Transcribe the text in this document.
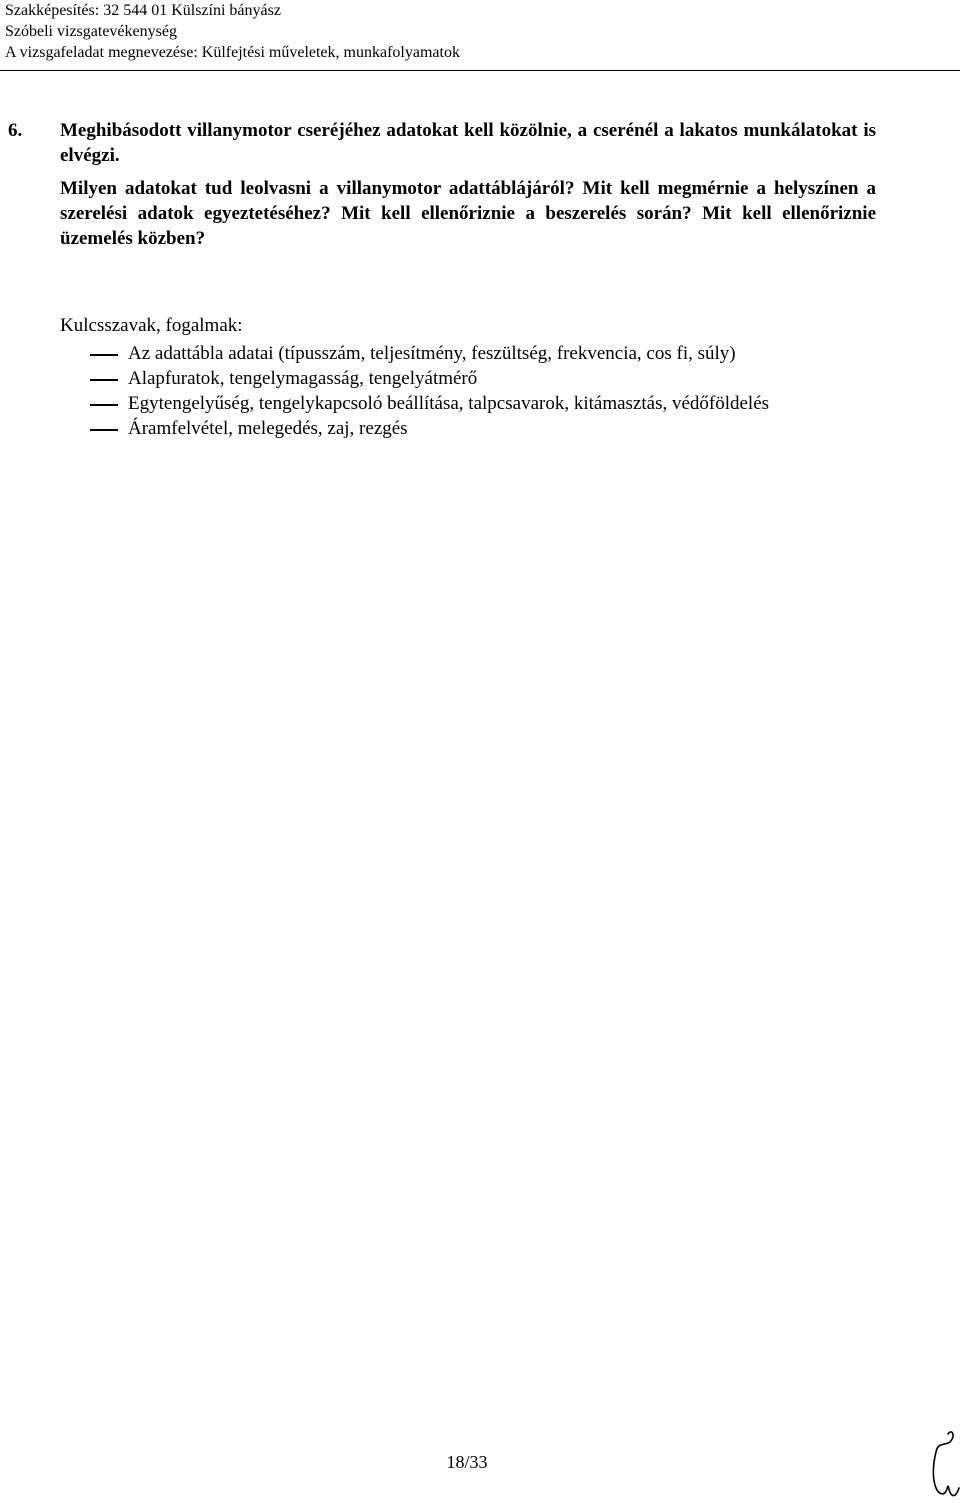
Szakképesítés: 32 544 01 Külszíni bányász
Szóbeli vizsgatevékenység
A vizsgafeladat megnevezése: Külfejtési műveletek, munkafolyamatok
6.	Meghibásodott villanymotor cseréjéhez adatokat kell közölnie, a cserénél a lakatos munkálatokat is elvégzi.

Milyen adatokat tud leolvasni a villanymotor adattáblájáról? Mit kell megmérnie a helyszínen a szerelési adatok egyeztetéséhez? Mit kell ellenőriznie a beszerelés során? Mit kell ellenőriznie üzemelés közben?

Kulcsszavak, fogalmak:
Az adattábla adatai (típusszám, teljesítmény, feszültség, frekvencia, cos fi, súly)
Alapfuratok, tengelymagasság, tengelyátmérő
Egytengelyűség, tengelykapcsoló beállítása, talpcsavarok, kitámasztás, védőföldelés
Áramfelvétel, melegedés, zaj, rezgés
18/33
